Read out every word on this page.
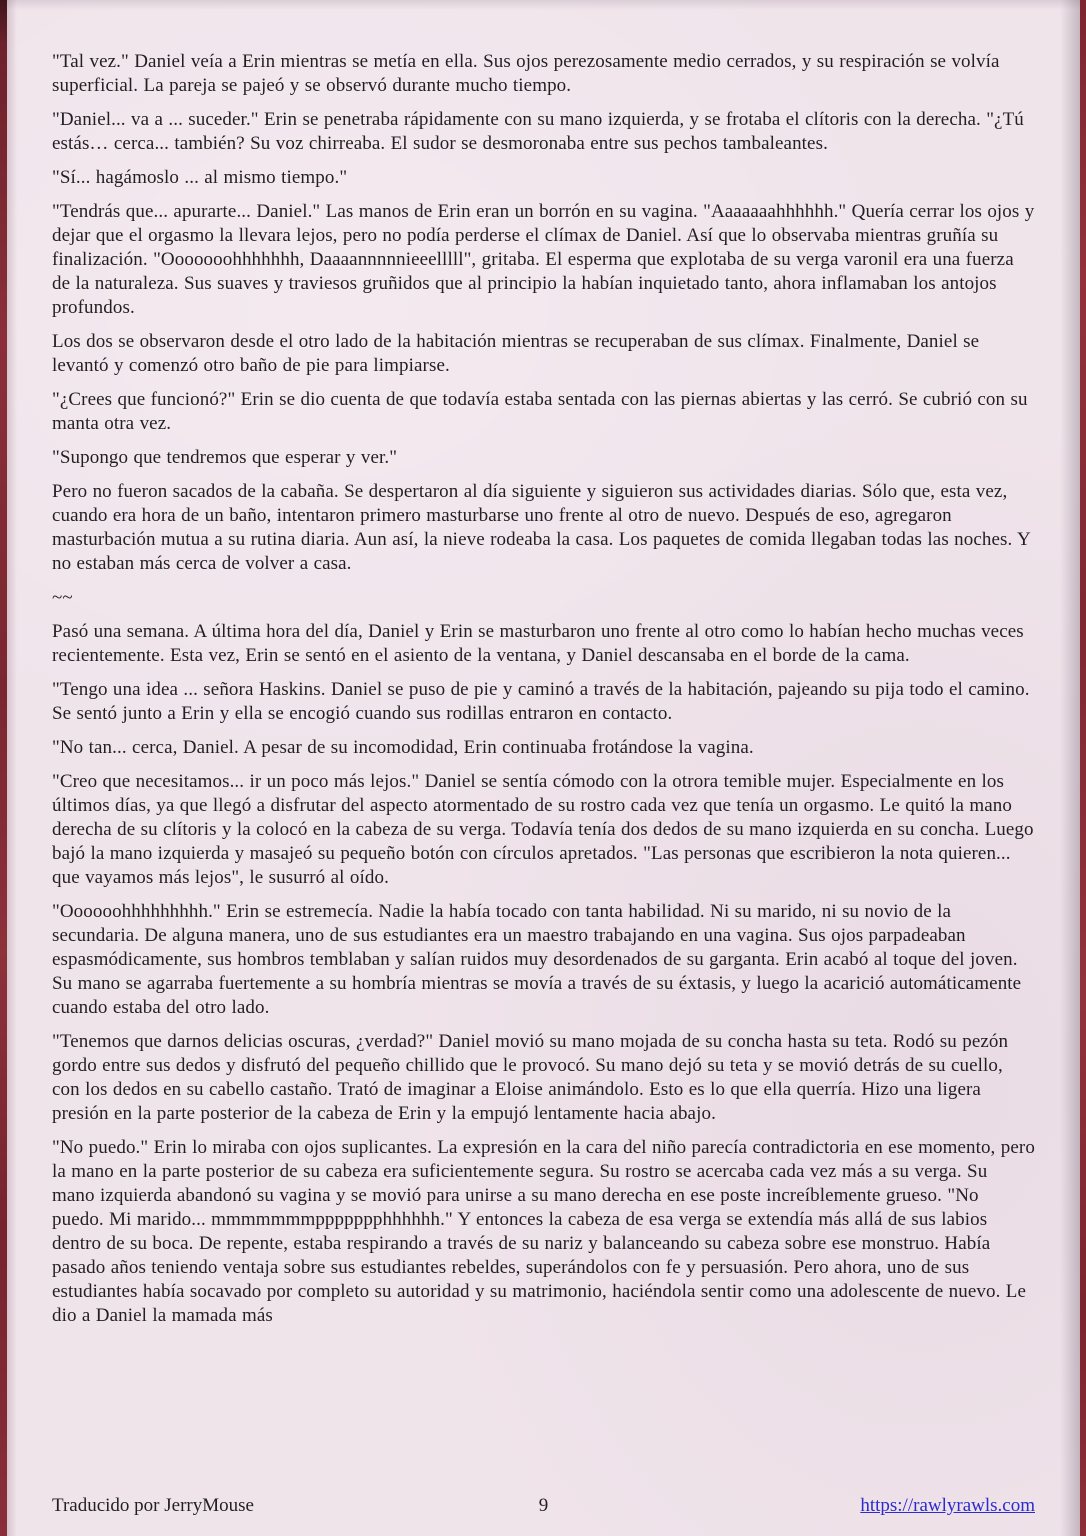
"Tal vez." Daniel veía a Erin mientras se metía en ella. Sus ojos perezosamente medio cerrados, y su respiración se volvía superficial. La pareja se pajeó y se observó durante mucho tiempo.

"Daniel... va a ... suceder." Erin se penetraba rápidamente con su mano izquierda, y se frotaba el clítoris con la derecha. "¿Tú estás… cerca... también? Su voz chirreaba. El sudor se desmoronaba entre sus pechos tambaleantes.

"Sí... hagámoslo ... al mismo tiempo."

"Tendrás que... apurarte... Daniel." Las manos de Erin eran un borrón en su vagina. "Aaaaaaahhhhhh." Quería cerrar los ojos y dejar que el orgasmo la llevara lejos, pero no podía perderse el clímax de Daniel. Así que lo observaba mientras gruñía su finalización. "Ooooooohhhhhhh, Daaaannnnnieeelllll", gritaba. El esperma que explotaba de su verga varonil era una fuerza de la naturaleza. Sus suaves y traviesos gruñidos que al principio la habían inquietado tanto, ahora inflamaban los antojos profundos.

Los dos se observaron desde el otro lado de la habitación mientras se recuperaban de sus clímax. Finalmente, Daniel se levantó y comenzó otro baño de pie para limpiarse.

"¿Crees que funcionó?" Erin se dio cuenta de que todavía estaba sentada con las piernas abiertas y las cerró. Se cubrió con su manta otra vez.

"Supongo que tendremos que esperar y ver."

Pero no fueron sacados de la cabaña. Se despertaron al día siguiente y siguieron sus actividades diarias. Sólo que, esta vez, cuando era hora de un baño, intentaron primero masturbarse uno frente al otro de nuevo. Después de eso, agregaron masturbación mutua a su rutina diaria. Aun así, la nieve rodeaba la casa. Los paquetes de comida llegaban todas las noches. Y no estaban más cerca de volver a casa.

~~

Pasó una semana. A última hora del día, Daniel y Erin se masturbaron uno frente al otro como lo habían hecho muchas veces recientemente. Esta vez, Erin se sentó en el asiento de la ventana, y Daniel descansaba en el borde de la cama.

"Tengo una idea ... señora Haskins. Daniel se puso de pie y caminó a través de la habitación, pajeando su pija todo el camino. Se sentó junto a Erin y ella se encogió cuando sus rodillas entraron en contacto.

"No tan... cerca, Daniel. A pesar de su incomodidad, Erin continuaba frotándose la vagina.

"Creo que necesitamos... ir un poco más lejos." Daniel se sentía cómodo con la otrora temible mujer. Especialmente en los últimos días, ya que llegó a disfrutar del aspecto atormentado de su rostro cada vez que tenía un orgasmo. Le quitó la mano derecha de su clítoris y la colocó en la cabeza de su verga. Todavía tenía dos dedos de su mano izquierda en su concha. Luego bajó la mano izquierda y masajeó su pequeño botón con círculos apretados. "Las personas que escribieron la nota quieren... que vayamos más lejos", le susurró al oído.

"Oooooohhhhhhhhh." Erin se estremecía. Nadie la había tocado con tanta habilidad. Ni su marido, ni su novio de la secundaria. De alguna manera, uno de sus estudiantes era un maestro trabajando en una vagina. Sus ojos parpadeaban espasmódicamente, sus hombros temblaban y salían ruidos muy desordenados de su garganta. Erin acabó al toque del joven. Su mano se agarraba fuertemente a su hombría mientras se movía a través de su éxtasis, y luego la acarició automáticamente cuando estaba del otro lado.

"Tenemos que darnos delicias oscuras, ¿verdad?" Daniel movió su mano mojada de su concha hasta su teta. Rodó su pezón gordo entre sus dedos y disfrutó del pequeño chillido que le provocó. Su mano dejó su teta y se movió detrás de su cuello, con los dedos en su cabello castaño. Trató de imaginar a Eloise animándolo. Esto es lo que ella querría. Hizo una ligera presión en la parte posterior de la cabeza de Erin y la empujó lentamente hacia abajo.

"No puedo." Erin lo miraba con ojos suplicantes. La expresión en la cara del niño parecía contradictoria en ese momento, pero la mano en la parte posterior de su cabeza era suficientemente segura. Su rostro se acercaba cada vez más a su verga. Su mano izquierda abandonó su vagina y se movió para unirse a su mano derecha en ese poste increíblemente grueso. "No puedo. Mi marido... mmmmmmmppppppphhhhhh." Y entonces la cabeza de esa verga se extendía más allá de sus labios dentro de su boca. De repente, estaba respirando a través de su nariz y balanceando su cabeza sobre ese monstruo. Había pasado años teniendo ventaja sobre sus estudiantes rebeldes, superándolos con fe y persuasión. Pero ahora, uno de sus estudiantes había socavado por completo su autoridad y su matrimonio, haciéndola sentir como una adolescente de nuevo. Le dio a Daniel la mamada más

Traducido por JerryMouse	9	https://rawlyrawls.com
